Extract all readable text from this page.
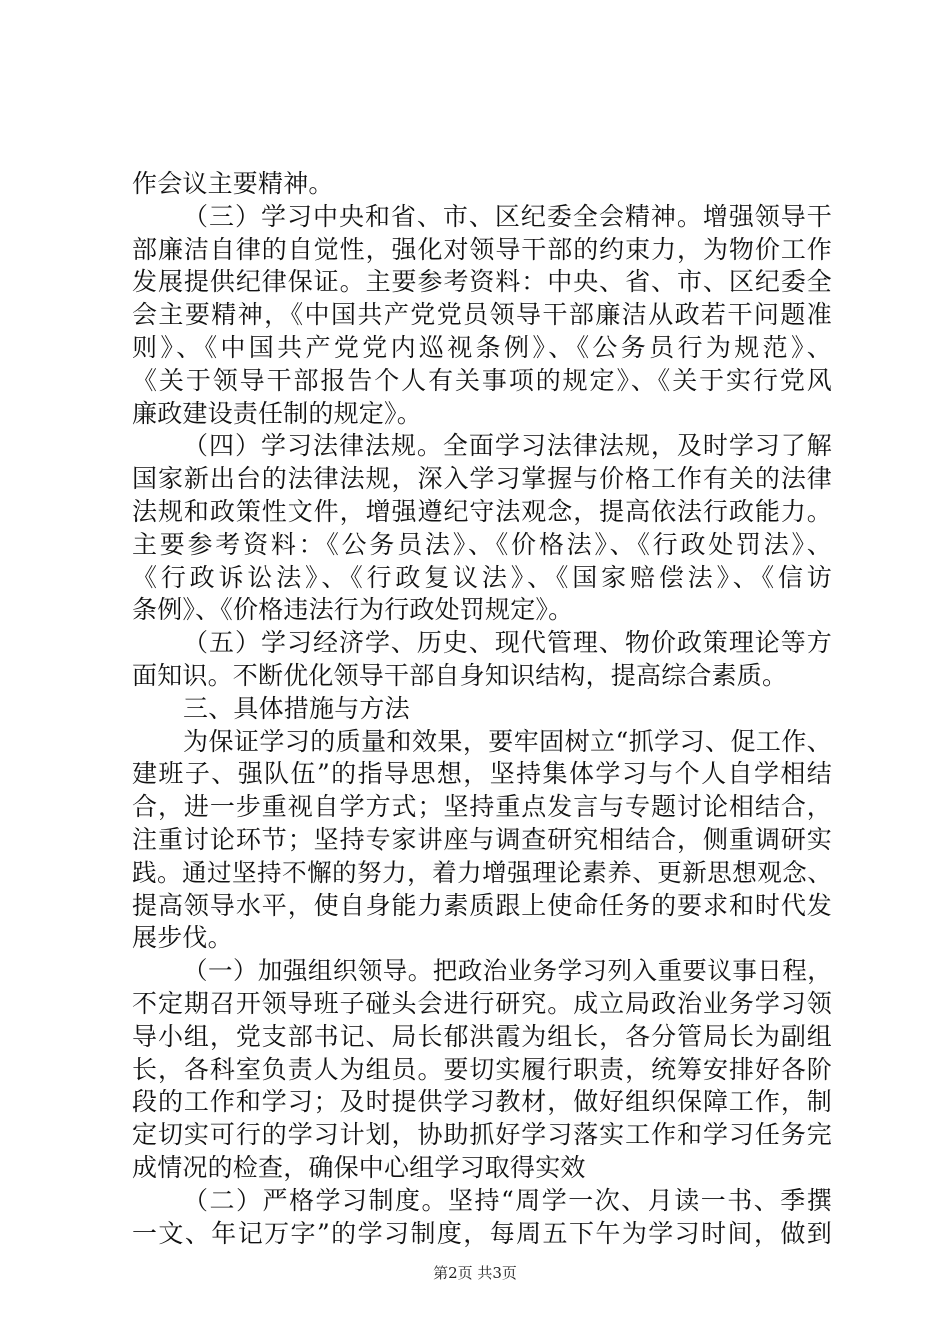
作会议主要精神。
（三）学习中央和省、市、区纪委全会精神。增强领导干
部廉洁自律的自觉性，强化对领导干部的约束力，为物价工作
发展提供纪律保证。主要参考资料：中央、省、市、区纪委全
会主要精神，《中国共产党党员领导干部廉洁从政若干问题准
则》、《中国共产党党内巡视条例》、《公务员行为规范》、
《关于领导干部报告个人有关事项的规定》、《关于实行党风
廉政建设责任制的规定》。
（四）学习法律法规。全面学习法律法规，及时学习了解
国家新出台的法律法规，深入学习掌握与价格工作有关的法律
法规和政策性文件，增强遵纪守法观念，提高依法行政能力。
主要参考资料：《公务员法》、《价格法》、《行政处罚法》、
《行政诉讼法》、《行政复议法》、《国家赔偿法》、《信访
条例》、《价格违法行为行政处罚规定》。
（五）学习经济学、历史、现代管理、物价政策理论等方
面知识。不断优化领导干部自身知识结构，提高综合素质。
三、具体措施与方法
为保证学习的质量和效果，要牢固树立“抓学习、促工作、
建班子、强队伍”的指导思想，坚持集体学习与个人自学相结
合，进一步重视自学方式；坚持重点发言与专题讨论相结合，
注重讨论环节；坚持专家讲座与调查研究相结合，侧重调研实
践。通过坚持不懈的努力，着力增强理论素养、更新思想观念、
提高领导水平，使自身能力素质跟上使命任务的要求和时代发
展步伐。
（一）加强组织领导。把政治业务学习列入重要议事日程，
不定期召开领导班子碰头会进行研究。成立局政治业务学习领
导小组，党支部书记、局长郁洪霞为组长，各分管局长为副组
长，各科室负责人为组员。要切实履行职责，统筹安排好各阶
段的工作和学习；及时提供学习教材，做好组织保障工作，制
定切实可行的学习计划，协助抓好学习落实工作和学习任务完
成情况的检查，确保中心组学习取得实效
（二）严格学习制度。坚持“周学一次、月读一书、季撰
一文、年记万字”的学习制度，每周五下午为学习时间，做到
第2页 共3页
